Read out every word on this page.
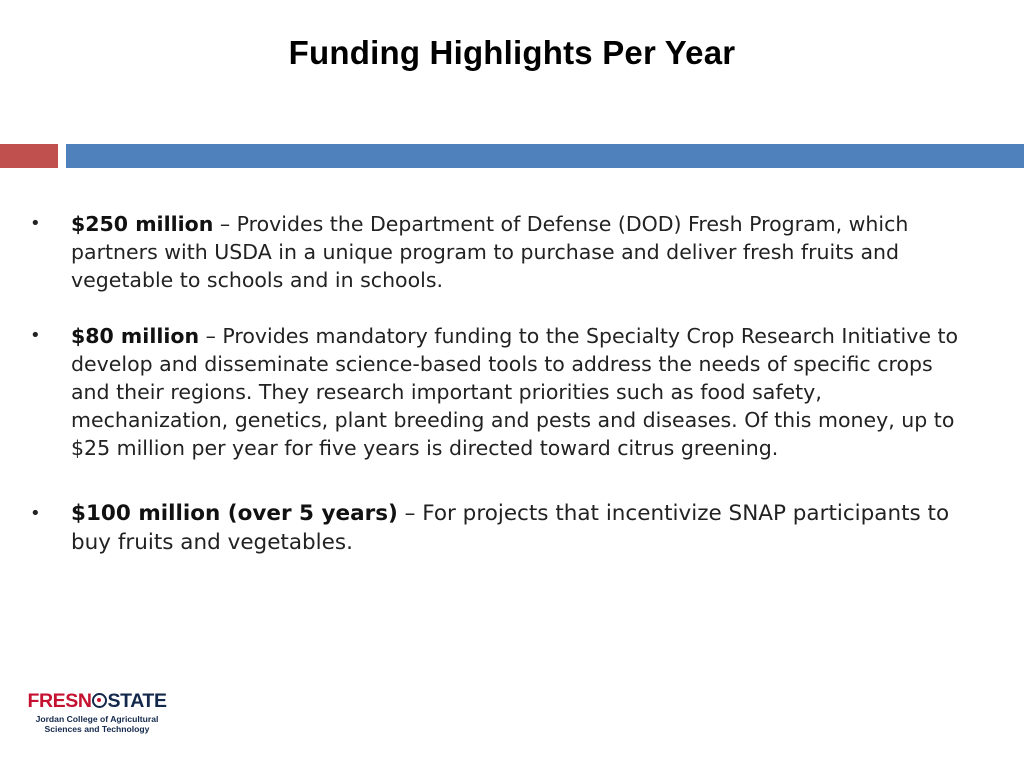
Funding Highlights Per Year
• $250 million – Provides the Department of Defense (DOD) Fresh Program, which partners with USDA in a unique program to purchase and deliver fresh fruits and vegetable to schools and in schools.
• $80 million – Provides mandatory funding to the Specialty Crop Research Initiative to develop and disseminate science-based tools to address the needs of specific crops and their regions. They research important priorities such as food safety, mechanization, genetics, plant breeding and pests and diseases. Of this money, up to $25 million per year for five years is directed toward citrus greening.
• $100 million (over 5 years) – For projects that incentivize SNAP participants to buy fruits and vegetables.
FRESN STATE
Jordan College of Agricultural
Sciences and Technology
